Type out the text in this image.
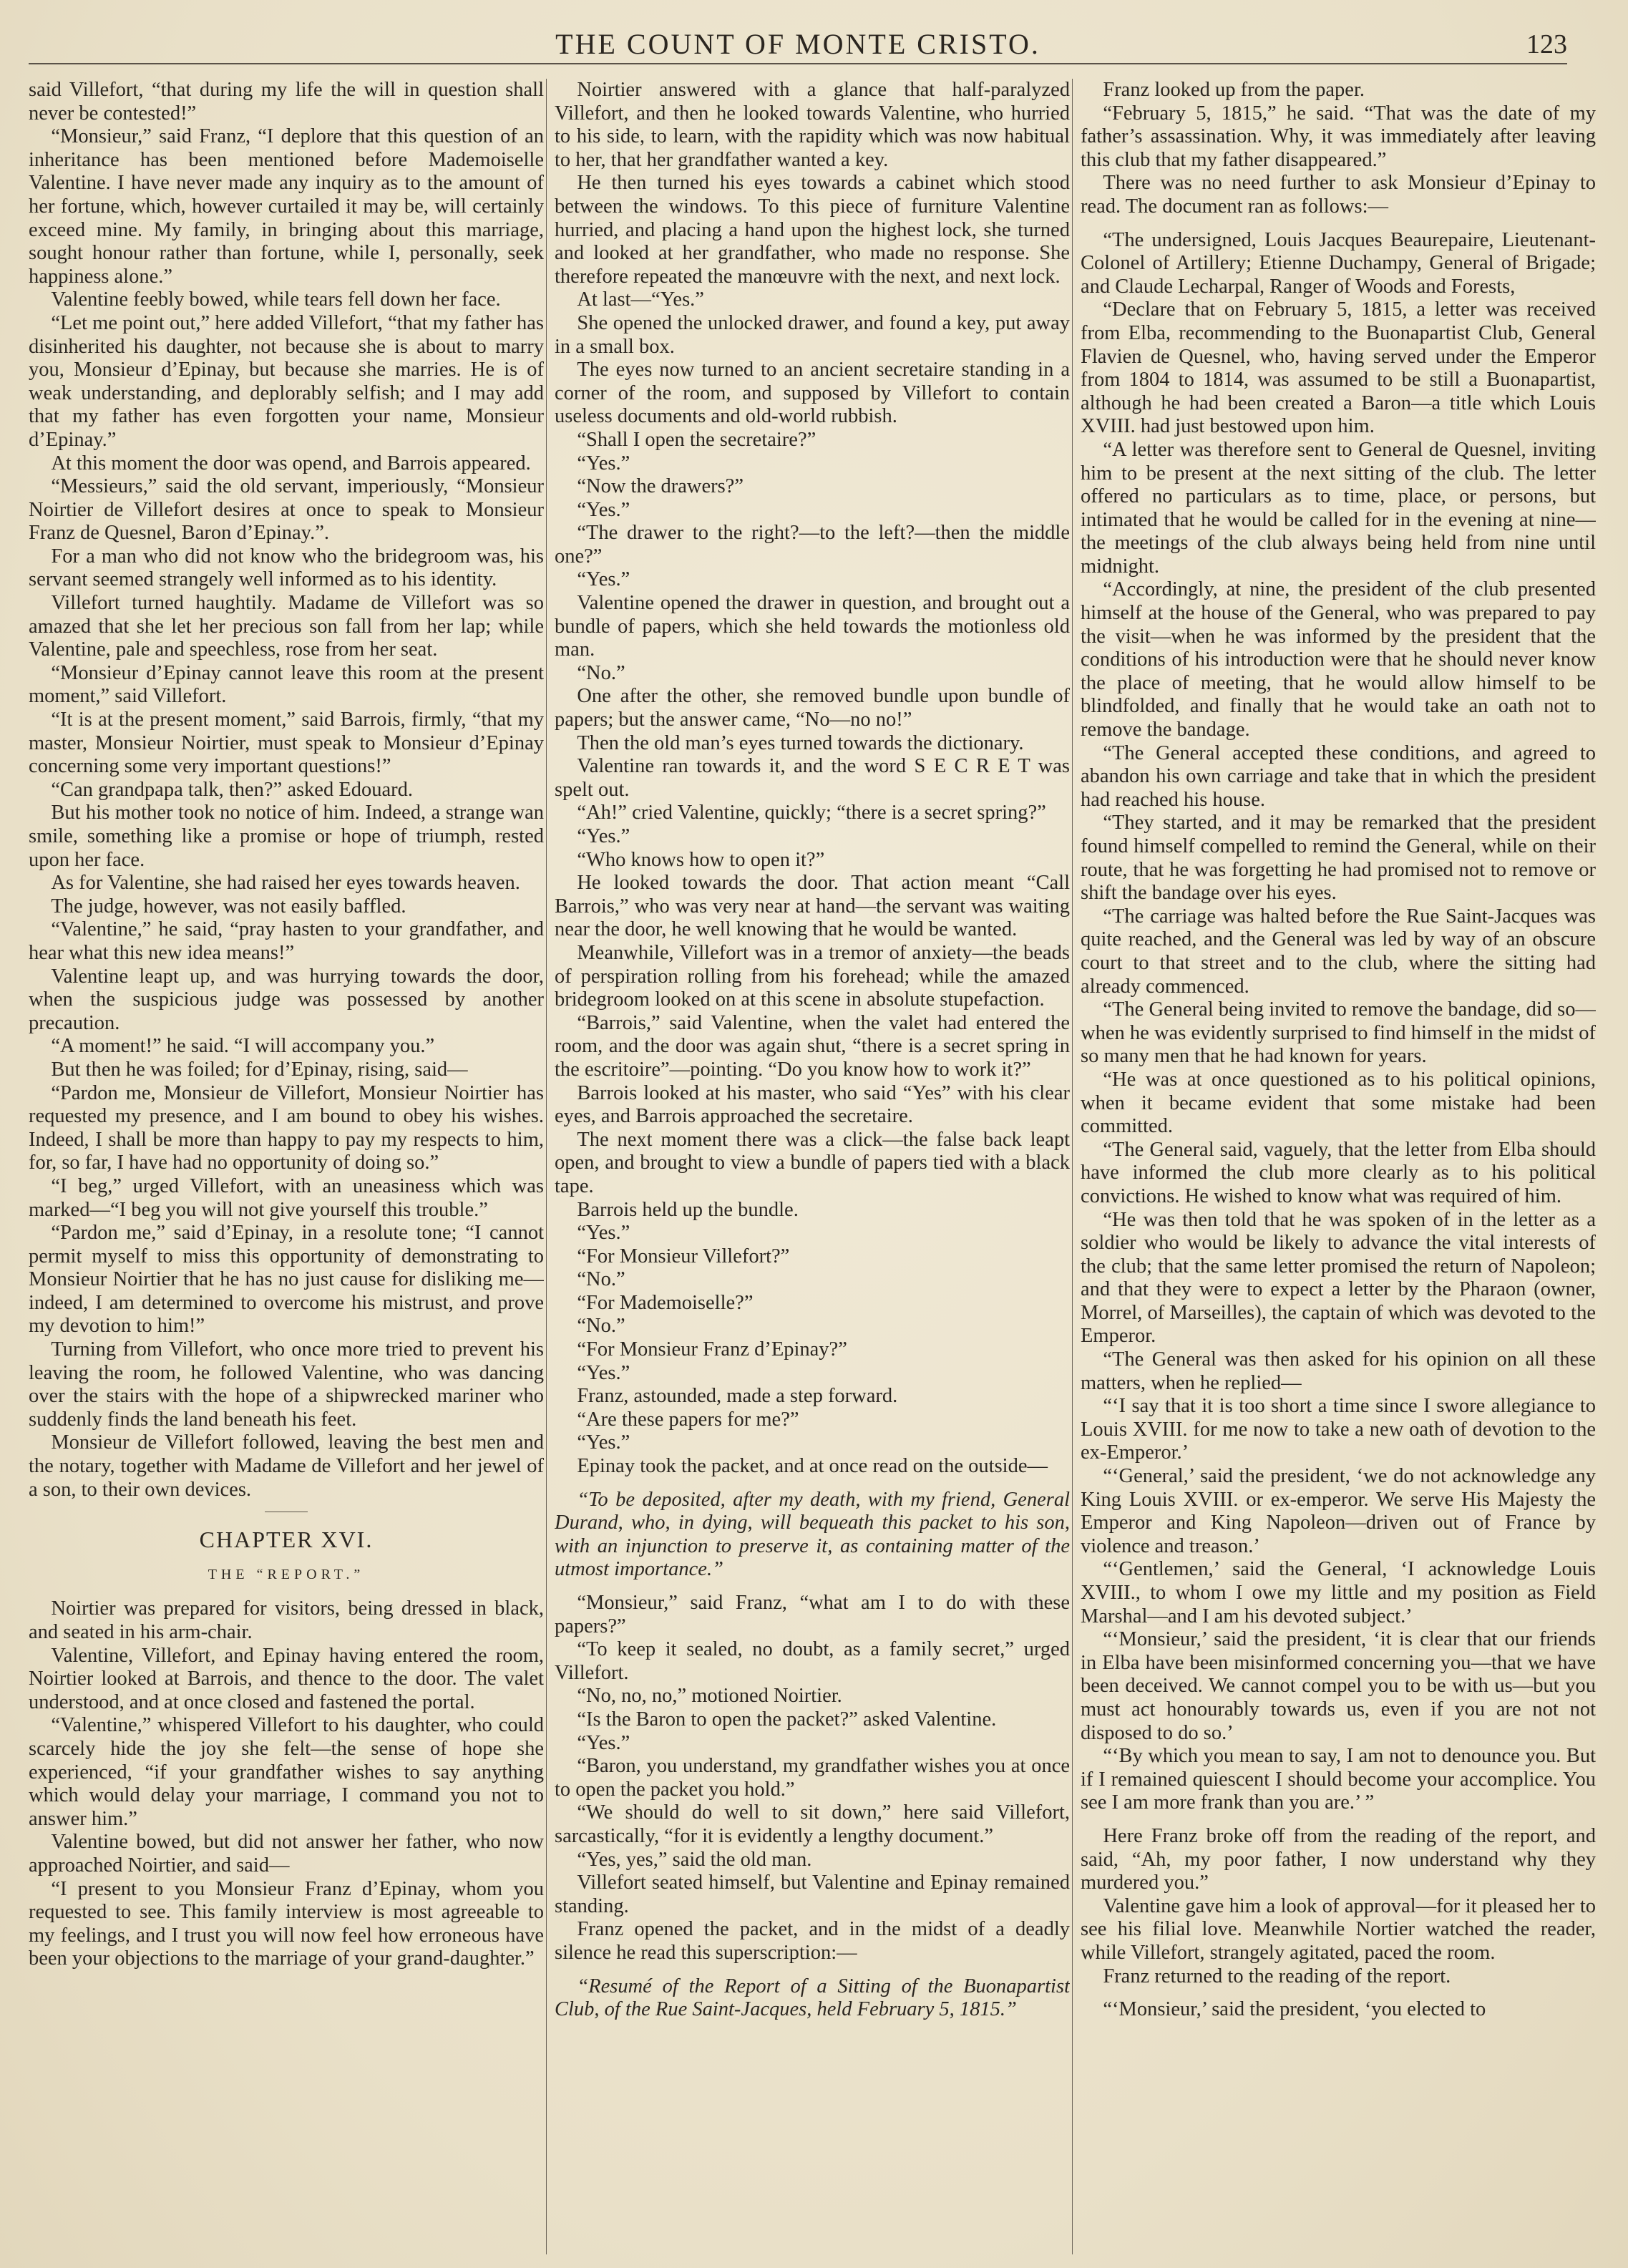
THE COUNT OF MONTE CRISTO.	123

said Villefort, “that during my life the will in question shall never be contested!”

“Monsieur,” said Franz, “I deplore that this question of an inheritance has been mentioned before Mademoiselle Valentine. I have never made any inquiry as to the amount of her fortune, which, however curtailed it may be, will certainly exceed mine. My family, in bringing about this marriage, sought honour rather than fortune, while I, personally, seek happiness alone.”

Valentine feebly bowed, while tears fell down her face.

“Let me point out,” here added Villefort, “that my father has disinherited his daughter, not because she is about to marry you, Monsieur d’Epinay, but because she marries. He is of weak understanding, and deplorably selfish; and I may add that my father has even forgotten your name, Monsieur d’Epinay.”

At this moment the door was opend, and Barrois appeared.

“Messieurs,” said the old servant, imperiously, “Monsieur Noirtier de Villefort desires at once to speak to Monsieur Franz de Quesnel, Baron d’Epinay.”.

For a man who did not know who the bridegroom was, his servant seemed strangely well informed as to his identity.

Villefort turned haughtily. Madame de Villefort was so amazed that she let her precious son fall from her lap; while Valentine, pale and speechless, rose from her seat.

“Monsieur d’Epinay cannot leave this room at the present moment,” said Villefort.

“It is at the present moment,” said Barrois, firmly, “that my master, Monsieur Noirtier, must speak to Monsieur d’Epinay concerning some very important questions!”

“Can grandpapa talk, then?” asked Edouard.

But his mother took no notice of him. Indeed, a strange wan smile, something like a promise or hope of triumph, rested upon her face.

As for Valentine, she had raised her eyes towards heaven.

The judge, however, was not easily baffled.

“Valentine,” he said, “pray hasten to your grandfather, and hear what this new idea means!”

Valentine leapt up, and was hurrying towards the door, when the suspicious judge was possessed by another precaution.

“A moment!” he said. “I will accompany you.”

But then he was foiled; for d’Epinay, rising, said—

“Pardon me, Monsieur de Villefort, Monsieur Noirtier has requested my presence, and I am bound to obey his wishes. Indeed, I shall be more than happy to pay my respects to him, for, so far, I have had no opportunity of doing so.”

“I beg,” urged Villefort, with an uneasiness which was marked—“I beg you will not give yourself this trouble.”

“Pardon me,” said d’Epinay, in a resolute tone; “I cannot permit myself to miss this opportunity of demonstrating to Monsieur Noirtier that he has no just cause for disliking me—indeed, I am determined to overcome his mistrust, and prove my devotion to him!”

Turning from Villefort, who once more tried to prevent his leaving the room, he followed Valentine, who was dancing over the stairs with the hope of a shipwrecked mariner who suddenly finds the land beneath his feet.

Monsieur de Villefort followed, leaving the best men and the notary, together with Madame de Villefort and her jewel of a son, to their own devices.

CHAPTER XVI.

THE “REPORT.”

Noirtier was prepared for visitors, being dressed in black, and seated in his arm-chair.

Valentine, Villefort, and Epinay having entered the room, Noirtier looked at Barrois, and thence to the door. The valet understood, and at once closed and fastened the portal.

“Valentine,” whispered Villefort to his daughter, who could scarcely hide the joy she felt—the sense of hope she experienced, “if your grandfather wishes to say anything which would delay your marriage, I command you not to answer him.”

Valentine bowed, but did not answer her father, who now approached Noirtier, and said—

“I present to you Monsieur Franz d’Epinay, whom you requested to see. This family interview is most agreeable to my feelings, and I trust you will now feel how erroneous have been your objections to the marriage of your grand-daughter.”

Noirtier answered with a glance that half-paralyzed Villefort, and then he looked towards Valentine, who hurried to his side, to learn, with the rapidity which was now habitual to her, that her grandfather wanted a key.

He then turned his eyes towards a cabinet which stood between the windows. To this piece of furniture Valentine hurried, and placing a hand upon the highest lock, she turned and looked at her grandfather, who made no response. She therefore repeated the manœuvre with the next, and next lock.

At last—“Yes.”

She opened the unlocked drawer, and found a key, put away in a small box.

The eyes now turned to an ancient secretaire standing in a corner of the room, and supposed by Villefort to contain useless documents and old-world rubbish.

“Shall I open the secretaire?”

“Yes.”

“Now the drawers?”

“Yes.”

“The drawer to the right?—to the left?—then the middle one?”

“Yes.”

Valentine opened the drawer in question, and brought out a bundle of papers, which she held towards the motionless old man.

“No.”

One after the other, she removed bundle upon bundle of papers; but the answer came, “No—no no!”

Then the old man’s eyes turned towards the dictionary.

Valentine ran towards it, and the word S E C R E T was spelt out.

“Ah!” cried Valentine, quickly; “there is a secret spring?”

“Yes.”

“Who knows how to open it?”

He looked towards the door. That action meant “Call Barrois,” who was very near at hand—the servant was waiting near the door, he well knowing that he would be wanted.

Meanwhile, Villefort was in a tremor of anxiety—the beads of perspiration rolling from his forehead; while the amazed bridegroom looked on at this scene in absolute stupefaction.

“Barrois,” said Valentine, when the valet had entered the room, and the door was again shut, “there is a secret spring in the escritoire”—pointing. “Do you know how to work it?”

Barrois looked at his master, who said “Yes” with his clear eyes, and Barrois approached the secretaire.

The next moment there was a click—the false back leapt open, and brought to view a bundle of papers tied with a black tape.

Barrois held up the bundle.

“Yes.”

“For Monsieur Villefort?”

“No.”

“For Mademoiselle?”

“No.”

“For Monsieur Franz d’Epinay?”

“Yes.”

Franz, astounded, made a step forward.

“Are these papers for me?”

“Yes.”

Epinay took the packet, and at once read on the outside—

“To be deposited, after my death, with my friend, General Durand, who, in dying, will bequeath this packet to his son, with an injunction to preserve it, as containing matter of the utmost importance.”

“Monsieur,” said Franz, “what am I to do with these papers?”

“To keep it sealed, no doubt, as a family secret,” urged Villefort.

“No, no, no,” motioned Noirtier.

“Is the Baron to open the packet?” asked Valentine.

“Yes.”

“Baron, you understand, my grandfather wishes you at once to open the packet you hold.”

“We should do well to sit down,” here said Villefort, sarcastically, “for it is evidently a lengthy document.”

“Yes, yes,” said the old man.

Villefort seated himself, but Valentine and Epinay remained standing.

Franz opened the packet, and in the midst of a deadly silence he read this superscription:—

“Resumé of the Report of a Sitting of the Buonapartist Club, of the Rue Saint-Jacques, held February 5, 1815.”

Franz looked up from the paper.

“February 5, 1815,” he said. “That was the date of my father’s assassination. Why, it was immediately after leaving this club that my father disappeared.”

There was no need further to ask Monsieur d’Epinay to read. The document ran as follows:—

“The undersigned, Louis Jacques Beaurepaire, Lieutenant-Colonel of Artillery; Etienne Duchampy, General of Brigade; and Claude Lecharpal, Ranger of Woods and Forests,

“Declare that on February 5, 1815, a letter was received from Elba, recommending to the Buonapartist Club, General Flavien de Quesnel, who, having served under the Emperor from 1804 to 1814, was assumed to be still a Buonapartist, although he had been created a Baron—a title which Louis XVIII. had just bestowed upon him.

“A letter was therefore sent to General de Quesnel, inviting him to be present at the next sitting of the club. The letter offered no particulars as to time, place, or persons, but intimated that he would be called for in the evening at nine—the meetings of the club always being held from nine until midnight.

“Accordingly, at nine, the president of the club presented himself at the house of the General, who was prepared to pay the visit—when he was informed by the president that the conditions of his introduction were that he should never know the place of meeting, that he would allow himself to be blindfolded, and finally that he would take an oath not to remove the bandage.

“The General accepted these conditions, and agreed to abandon his own carriage and take that in which the president had reached his house.

“They started, and it may be remarked that the president found himself compelled to remind the General, while on their route, that he was forgetting he had promised not to remove or shift the bandage over his eyes.

“The carriage was halted before the Rue Saint-Jacques was quite reached, and the General was led by way of an obscure court to that street and to the club, where the sitting had already commenced.

“The General being invited to remove the bandage, did so—when he was evidently surprised to find himself in the midst of so many men that he had known for years.

“He was at once questioned as to his political opinions, when it became evident that some mistake had been committed.

“The General said, vaguely, that the letter from Elba should have informed the club more clearly as to his political convictions. He wished to know what was required of him.

“He was then told that he was spoken of in the letter as a soldier who would be likely to advance the vital interests of the club; that the same letter promised the return of Napoleon; and that they were to expect a letter by the Pharaon (owner, Morrel, of Marseilles), the captain of which was devoted to the Emperor.

“The General was then asked for his opinion on all these matters, when he replied—

“‘I say that it is too short a time since I swore allegiance to Louis XVIII. for me now to take a new oath of devotion to the ex-Emperor.’

“‘General,’ said the president, ‘we do not acknowledge any King Louis XVIII. or ex-emperor. We serve His Majesty the Emperor and King Napoleon—driven out of France by violence and treason.’

“‘Gentlemen,’ said the General, ‘I acknowledge Louis XVIII., to whom I owe my little and my position as Field Marshal—and I am his devoted subject.’

“‘Monsieur,’ said the president, ‘it is clear that our friends in Elba have been misinformed concerning you—that we have been deceived. We cannot compel you to be with us—but you must act honourably towards us, even if you are not not disposed to do so.’

“‘By which you mean to say, I am not to denounce you. But if I remained quiescent I should become your accomplice. You see I am more frank than you are.’ ”

Here Franz broke off from the reading of the report, and said, “Ah, my poor father, I now understand why they murdered you.”

Valentine gave him a look of approval—for it pleased her to see his filial love. Meanwhile Nortier watched the reader, while Villefort, strangely agitated, paced the room.

Franz returned to the reading of the report.

“‘Monsieur,’ said the president, ‘you elected to
